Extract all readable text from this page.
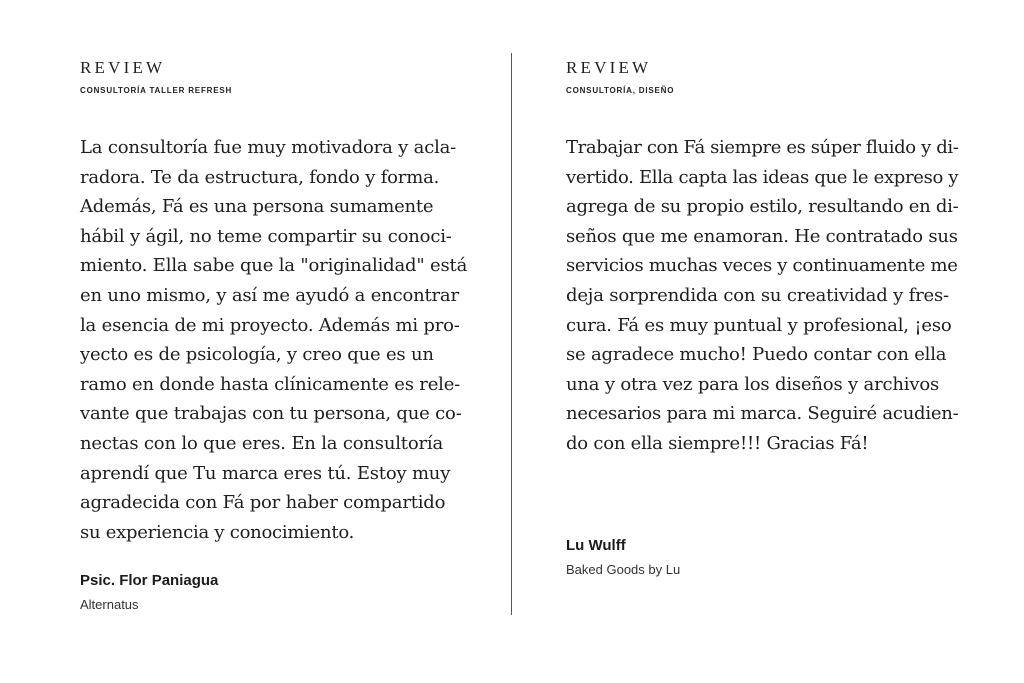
REVIEW
CONSULTORÍA TALLER REFRESH
La consultoría fue muy motivadora y acla-
radora. Te da estructura, fondo y forma.
Además, Fá es una persona sumamente
hábil y ágil, no teme compartir su conoci-
miento. Ella sabe que la "originalidad" está
en uno mismo, y así me ayudó a encontrar
la esencia de mi proyecto. Además mi pro-
yecto es de psicología, y creo que es un
ramo en donde hasta clínicamente es rele-
vante que trabajas con tu persona, que co-
nectas con lo que eres. En la consultoría
aprendí que Tu marca eres tú. Estoy muy
agradecida con Fá por haber compartido
su experiencia y conocimiento.
Psic. Flor Paniagua
Alternatus
REVIEW
CONSULTORÍA, DISEÑO
Trabajar con Fá siempre es súper fluido y di-
vertido. Ella capta las ideas que le expreso y
agrega de su propio estilo, resultando en di-
seños que me enamoran. He contratado sus
servicios muchas veces y continuamente me
deja sorprendida con su creatividad y fres-
cura. Fá es muy puntual y profesional, ¡eso
se agradece mucho! Puedo contar con ella
una y otra vez para los diseños y archivos
necesarios para mi marca. Seguiré acudien-
do con ella siempre!!! Gracias Fá!
Lu Wulff
Baked Goods by Lu
